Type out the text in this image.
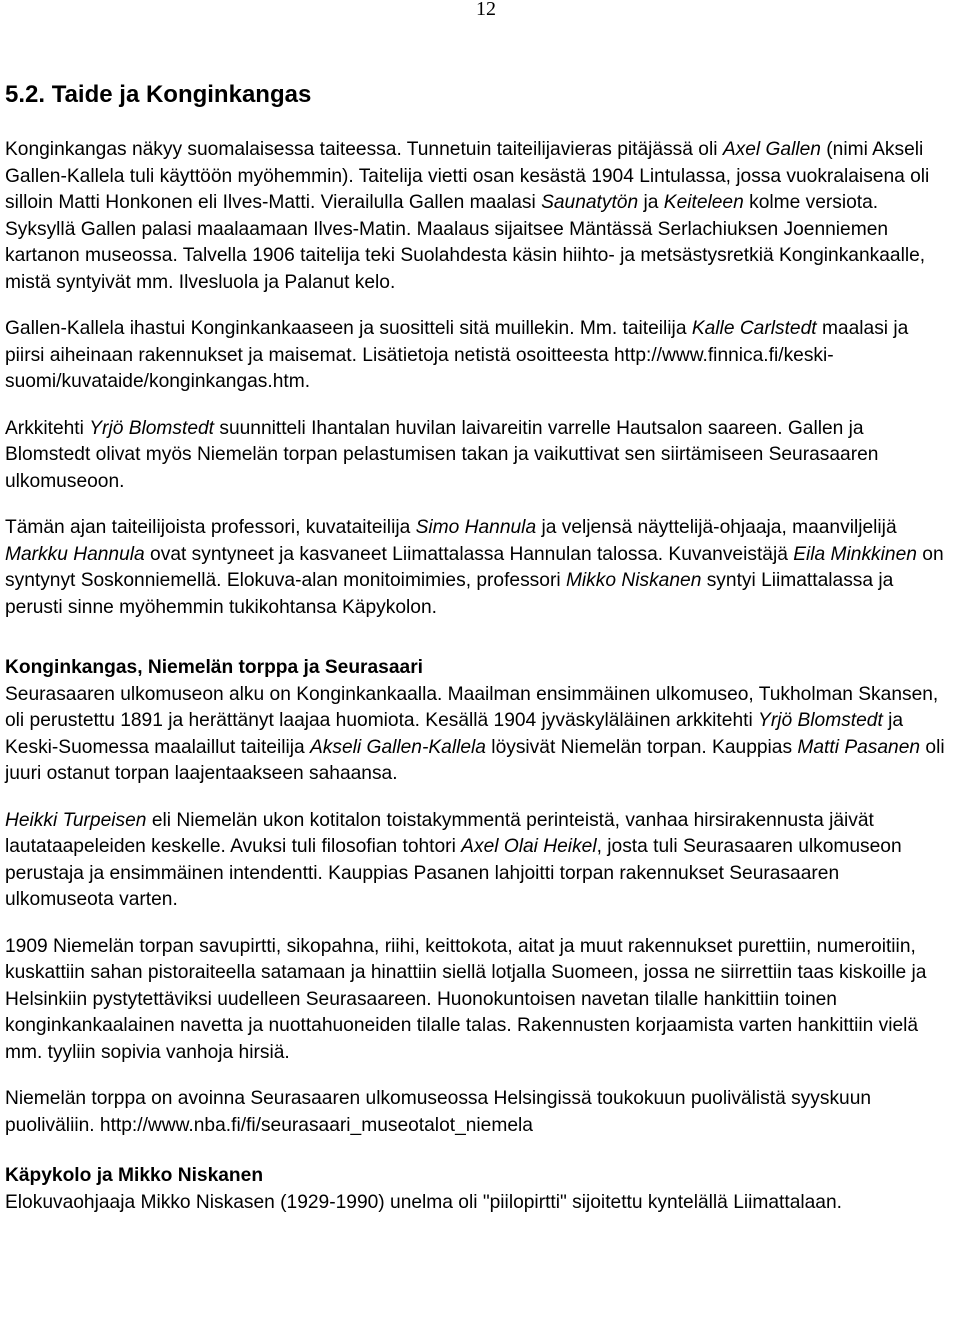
12
5.2. Taide ja Konginkangas

Konginkangas näkyy suomalaisessa taiteessa. Tunnetuin taiteilijavieras pitäjässä oli Axel Gallen (nimi Akseli Gallen-Kallela tuli käyttöön myöhemmin). Taitelija vietti osan kesästä 1904 Lintulassa, jossa vuokralaisena oli silloin Matti Honkonen eli Ilves-Matti. Vierailulla Gallen maalasi Saunatytön ja Keiteleen kolme versiota. Syksyllä Gallen palasi maalaamaan Ilves-Matin. Maalaus sijaitsee Mäntässä Serlachiuksen Joenniemen kartanon museossa. Talvella 1906 taitelija teki Suolahdesta käsin hiihto- ja metsästysretkiä Konginkankaalle, mistä syntyivät mm. Ilvesluola ja Palanut kelo.

Gallen-Kallela ihastui Konginkankaaseen ja suositteli sitä muillekin. Mm. taiteilija Kalle Carlstedt maalasi ja piirsi aiheinaan rakennukset ja maisemat. Lisätietoja netistä osoitteesta http://www.finnica.fi/keski-suomi/kuvataide/konginkangas.htm.

Arkkitehti Yrjö Blomstedt suunnitteli Ihantalan huvilan laivareitin varrelle Hautsalon saareen. Gallen ja Blomstedt olivat myös Niemelän torpan pelastumisen takan ja vaikuttivat sen siirtämiseen Seurasaaren ulkomuseoon.

Tämän ajan taiteilijoista professori, kuvataiteilija Simo Hannula ja veljensä näyttelijä-ohjaaja, maanviljelijä Markku Hannula ovat syntyneet ja kasvaneet Liimattalassa Hannulan talossa. Kuvanveistäjä Eila Minkkinen on syntynyt Soskonniemellä. Elokuva-alan monitoimimies, professori Mikko Niskanen syntyi Liimattalassa ja perusti sinne myöhemmin tukikohtansa Käpykolon.

Konginkangas, Niemelän torppa ja Seurasaari

Seurasaaren ulkomuseon alku on Konginkankaalla. Maailman ensimmäinen ulkomuseo, Tukholman Skansen, oli perustettu 1891 ja herättänyt laajaa huomiota. Kesällä 1904 jyväskyläläinen arkkitehti Yrjö Blomstedt ja Keski-Suomessa maalaillut taiteilija Akseli Gallen-Kallela löysivät Niemelän torpan. Kauppias Matti Pasanen oli juuri ostanut torpan laajentaakseen sahaansa.

Heikki Turpeisen eli Niemelän ukon kotitalon toistakymmentä perinteistä, vanhaa hirsirakennusta jäivät lautataapeleiden keskelle. Avuksi tuli filosofian tohtori Axel Olai Heikel, josta tuli Seurasaaren ulkomuseon perustaja ja ensimmäinen intendentti. Kauppias Pasanen lahjoitti torpan rakennukset Seurasaaren ulkomuseota varten.

1909 Niemelän torpan savupirtti, sikopahna, riihi, keittokota, aitat ja muut rakennukset purettiin, numeroitiin, kuskattiin sahan pistoraiteella satamaan ja hinattiin siellä lotjalla Suomeen, jossa ne siirrettiin taas kiskoille ja Helsinkiin pystytettäviksi uudelleen Seurasaareen. Huonokuntoisen navetan tilalle hankittiin toinen konginkankaalainen navetta ja nuottahuoneiden tilalle talas. Rakennusten korjaamista varten hankittiin vielä mm. tyyliin sopivia vanhoja hirsiä.

Niemelän torppa on avoinna Seurasaaren ulkomuseossa Helsingissä toukokuun puolivälistä syyskuun puoliväliin. http://www.nba.fi/fi/seurasaari_museotalot_niemela

Käpykolo ja Mikko Niskanen

Elokuvaohjaaja Mikko Niskasen (1929-1990) unelma oli "piilopirtti" sijoitettu kyntelällä Liimattalaan.
